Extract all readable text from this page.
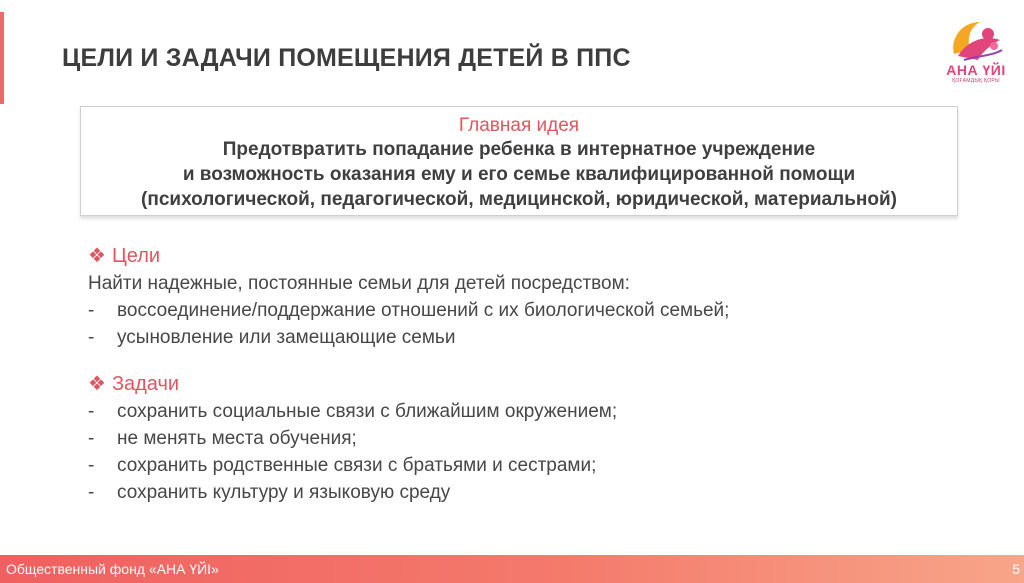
ЦЕЛИ И ЗАДАЧИ ПОМЕЩЕНИЯ ДЕТЕЙ В ППС	АНА ҮЙІ
ҚОҒАМДЫҚ ҚОРЫ
Главная идея
Предотвратить попадание ребенка в интернатное учреждение
и возможность оказания ему и его семье квалифицированной помощи
(психологической, педагогической, медицинской, юридической, материальной)
❖ Цели
Найти надежные, постоянные семьи для детей посредством:
- воссоединение/поддержание отношений с их биологической семьей;
- усыновление или замещающие семьи
❖ Задачи
- сохранить социальные связи с ближайшим окружением;
- не менять места обучения;
- сохранить родственные связи с братьями и сестрами;
- сохранить культуру и языковую среду
Общественный фонд «АНА ҮЙІ»	5
